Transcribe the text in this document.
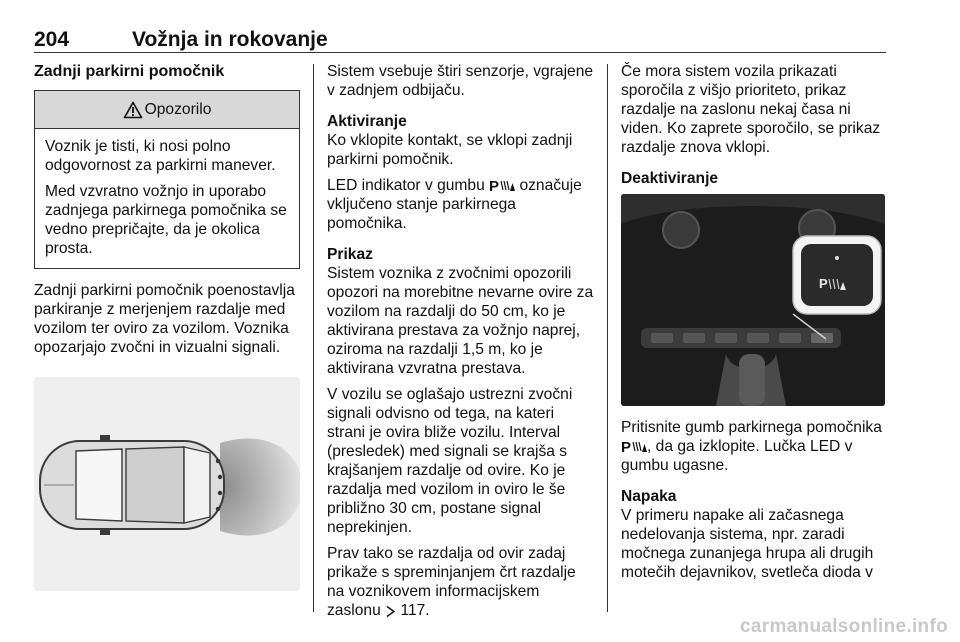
204	Vožnja in rokovanje
Zadnji parkirni pomočnik
Opozorilo

Voznik je tisti, ki nosi polno odgovornost za parkirni manever.

Med vzvratno vožnjo in uporabo zadnjega parkirnega pomočnika se vedno prepričajte, da je okolica prosta.

Zadnji parkirni pomočnik poenostavlja parkiranje z merjenjem razdalje med vozilom ter oviro za vozilom. Voznika opozarjajo zvočni in vizualni signali.

Sistem vsebuje štiri senzorje, vgrajene v zadnjem odbijaču.

Aktiviranje

Ko vklopite kontakt, se vklopi zadnji parkirni pomočnik.

LED indikator v gumbu P označuje vključeno stanje parkirnega pomočnika.

Prikaz

Sistem voznika z zvočnimi opozorili opozori na morebitne nevarne ovire za vozilom na razdalji do 50 cm, ko je aktivirana prestava za vožnjo naprej, oziroma na razdalji 1,5 m, ko je aktivirana vzvratna prestava.

V vozilu se oglašajo ustrezni zvočni signali odvisno od tega, na kateri strani je ovira bliže vozilu. Interval (presledek) med signali se krajša s krajšanjem razdalje od ovire. Ko je razdalja med vozilom in oviro le še približno 30 cm, postane signal neprekinjen.

Prav tako se razdalja od ovir zadaj prikaže s spreminjanjem črt razdalje na voznikovem informacijskem zaslonu 117.

Če mora sistem vozila prikazati sporočila z višjo prioriteto, prikaz razdalje na zaslonu nekaj časa ni viden. Ko zaprete sporočilo, se prikaz razdalje znova vklopi.

Deaktiviranje

P

Pritisnite gumb parkirnega pomočnika
P , da ga izklopite. Lučka LED v gumbu ugasne.

Napaka

V primeru napake ali začasnega nedelovanja sistema, npr. zaradi močnega zunanjega hrupa ali drugih motečih dejavnikov, svetleča dioda v

carmanualsonline.info
